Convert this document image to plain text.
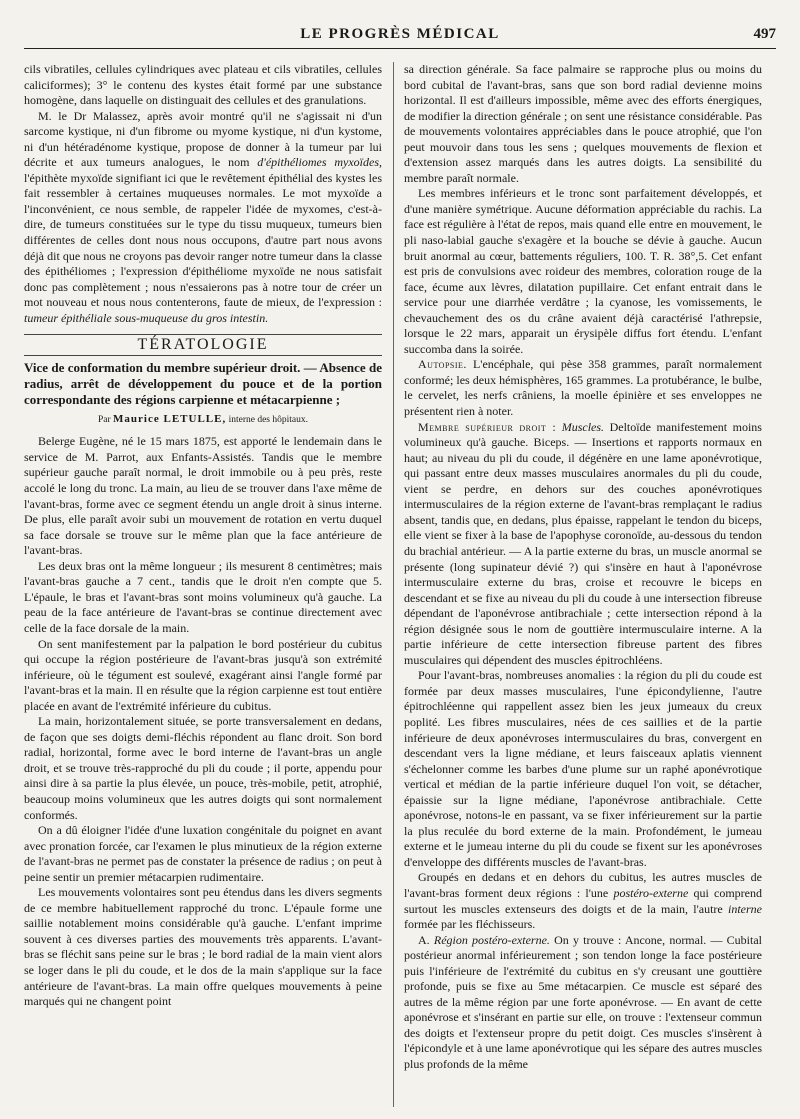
LE PROGRÈS MÉDICAL	497

cils vibratiles, cellules cylindriques avec plateau et cils vibratiles, cellules caliciformes); 3° le contenu des kystes était formé par une substance homogène, dans laquelle on distinguait des cellules et des granulations.

M. le Dr Malassez, après avoir montré qu'il ne s'agissait ni d'un sarcome kystique, ni d'un fibrome ou myome kystique, ni d'un kystome, ni d'un hétéradénome kystique, propose de donner à la tumeur par lui décrite et aux tumeurs analogues, le nom d'épithéliomes myxoïdes, l'épithète myxoïde signifiant ici que le revêtement épithélial des kystes les fait ressembler à certaines muqueuses normales. Le mot myxoïde a l'inconvénient, ce nous semble, de rappeler l'idée de myxomes, c'est-à-dire, de tumeurs constituées sur le type du tissu muqueux, tumeurs bien différentes de celles dont nous nous occupons, d'autre part nous avons déjà dit que nous ne croyons pas devoir ranger notre tumeur dans la classe des épithéliomes ; l'expression d'épithéliome myxoïde ne nous satisfait donc pas complètement ; nous n'essaierons pas à notre tour de créer un mot nouveau et nous nous contenterons, faute de mieux, de l'expression : tumeur épithéliale sous-muqueuse du gros intestin.

TÉRATOLOGIE
Vice de conformation du membre supérieur droit. — Absence de radius, arrêt de développement du pouce et de la portion correspondante des régions carpienne et métacarpienne ;
Par Maurice LETULLE, interne des hôpitaux.

Belerge Eugène, né le 15 mars 1875, est apporté le lendemain dans le service de M. Parrot, aux Enfants-Assistés. Tandis que le membre supérieur gauche paraît normal, le droit immobile ou à peu près, reste accolé le long du tronc. La main, au lieu de se trouver dans l'axe même de l'avant-bras, forme avec ce segment étendu un angle droit à sinus interne. De plus, elle paraît avoir subi un mouvement de rotation en vertu duquel sa face dorsale se trouve sur le même plan que la face antérieure de l'avant-bras.

Les deux bras ont la même longueur ; ils mesurent 8 centimètres; mais l'avant-bras gauche a 7 cent., tandis que le droit n'en compte que 5. L'épaule, le bras et l'avant-bras sont moins volumineux qu'à gauche. La peau de la face antérieure de l'avant-bras se continue directement avec celle de la face dorsale de la main.

On sent manifestement par la palpation le bord postérieur du cubitus qui occupe la région postérieure de l'avant-bras jusqu'à son extrémité inférieure, où le tégument est soulevé, exagérant ainsi l'angle formé par l'avant-bras et la main. Il en résulte que la région carpienne est tout entière placée en avant de l'extrémité inférieure du cubitus.

La main, horizontalement située, se porte transversalement en dedans, de façon que ses doigts demi-fléchis répondent au flanc droit. Son bord radial, horizontal, forme avec le bord interne de l'avant-bras un angle droit, et se trouve très-rapproché du pli du coude ; il porte, appendu pour ainsi dire à sa partie la plus élevée, un pouce, très-mobile, petit, atrophié, beaucoup moins volumineux que les autres doigts qui sont normalement conformés.

On a dû éloigner l'idée d'une luxation congénitale du poignet en avant avec pronation forcée, car l'examen le plus minutieux de la région externe de l'avant-bras ne permet pas de constater la présence de radius ; on peut à peine sentir un premier métacarpien rudimentaire.

Les mouvements volontaires sont peu étendus dans les divers segments de ce membre habituellement rapproché du tronc. L'épaule forme une saillie notablement moins considérable qu'à gauche. L'enfant imprime souvent à ces diverses parties des mouvements très apparents. L'avant-bras se fléchit sans peine sur le bras ; le bord radial de la main vient alors se loger dans le pli du coude, et le dos de la main s'applique sur la face antérieure de l'avant-bras. La main offre quelques mouvements à peine marqués qui ne changent point

sa direction générale. Sa face palmaire se rapproche plus ou moins du bord cubital de l'avant-bras, sans que son bord radial devienne moins horizontal. Il est d'ailleurs impossible, même avec des efforts énergiques, de modifier la direction générale ; on sent une résistance considérable. Pas de mouvements volontaires appréciables dans le pouce atrophié, que l'on peut mouvoir dans tous les sens ; quelques mouvements de flexion et d'extension assez marqués dans les autres doigts. La sensibilité du membre paraît normale.

Les membres inférieurs et le tronc sont parfaitement développés, et d'une manière symétrique. Aucune déformation appréciable du rachis. La face est régulière à l'état de repos, mais quand elle entre en mouvement, le pli naso-labial gauche s'exagère et la bouche se dévie à gauche. Aucun bruit anormal au cœur, battements réguliers, 100. T. R. 38°,5. Cet enfant est pris de convulsions avec roideur des membres, coloration rouge de la face, écume aux lèvres, dilatation pupillaire. Cet enfant entrait dans le service pour une diarrhée verdâtre ; la cyanose, les vomissements, le chevauchement des os du crâne avaient déjà caractérisé l'athrepsie, lorsque le 22 mars, apparait un érysipèle diffus fort étendu. L'enfant succomba dans la soirée.

Autopsie. L'encéphale, qui pèse 358 grammes, paraît normalement conformé; les deux hémisphères, 165 grammes. La protubérance, le bulbe, le cervelet, les nerfs crâniens, la moelle épinière et ses enveloppes ne présentent rien à noter.

Membre supérieur droit : Muscles. Deltoïde manifestement moins volumineux qu'à gauche. Biceps. — Insertions et rapports normaux en haut; au niveau du pli du coude, il dégénère en une lame aponévrotique, qui passant entre deux masses musculaires anormales du pli du coude, vient se perdre, en dehors sur des couches aponévrotiques intermusculaires de la région externe de l'avant-bras remplaçant le radius absent, tandis que, en dedans, plus épaisse, rappelant le tendon du biceps, elle vient se fixer à la base de l'apophyse coronoïde, au-dessous du tendon du brachial antérieur. — A la partie externe du bras, un muscle anormal se présente (long supinateur dévié ?) qui s'insère en haut à l'aponévrose intermusculaire externe du bras, croise et recouvre le biceps en descendant et se fixe au niveau du pli du coude à une intersection fibreuse dépendant de l'aponévrose antibrachiale ; cette intersection répond à la région désignée sous le nom de gouttière intermusculaire interne. A la partie inférieure de cette intersection fibreuse partent des fibres musculaires qui dépendent des muscles épitrochléens.

Pour l'avant-bras, nombreuses anomalies : la région du pli du coude est formée par deux masses musculaires, l'une épicondylienne, l'autre épitrochléenne qui rappellent assez bien les jeux jumeaux du creux poplité. Les fibres musculaires, nées de ces saillies et de la partie inférieure de deux aponévroses intermusculaires du bras, convergent en descendant vers la ligne médiane, et leurs faisceaux aplatis viennent s'échelonner comme les barbes d'une plume sur un raphé aponévrotique vertical et médian de la partie inférieure duquel l'on voit, se détacher, épaissie sur la ligne médiane, l'aponévrose antibrachiale. Cette aponévrose, notons-le en passant, va se fixer inférieurement sur la partie la plus reculée du bord externe de la main. Profondément, le jumeau externe et le jumeau interne du pli du coude se fixent sur les aponévroses d'enveloppe des différents muscles de l'avant-bras.

Groupés en dedans et en dehors du cubitus, les autres muscles de l'avant-bras forment deux régions : l'une postéro-externe qui comprend surtout les muscles extenseurs des doigts et de la main, l'autre interne formée par les fléchisseurs.

A. Région postéro-externe. On y trouve : Ancone, normal. — Cubital postérieur anormal inférieurement ; son tendon longe la face postérieure puis l'inférieure de l'extrémité du cubitus en s'y creusant une gouttière profonde, puis se fixe au 5me métacarpien. Ce muscle est séparé des autres de la même région par une forte aponévrose. — En avant de cette aponévrose et s'insérant en partie sur elle, on trouve : l'extenseur commun des doigts et l'extenseur propre du petit doigt. Ces muscles s'insèrent à l'épicondyle et à une lame aponévrotique qui les sépare des autres muscles plus profonds de la même
